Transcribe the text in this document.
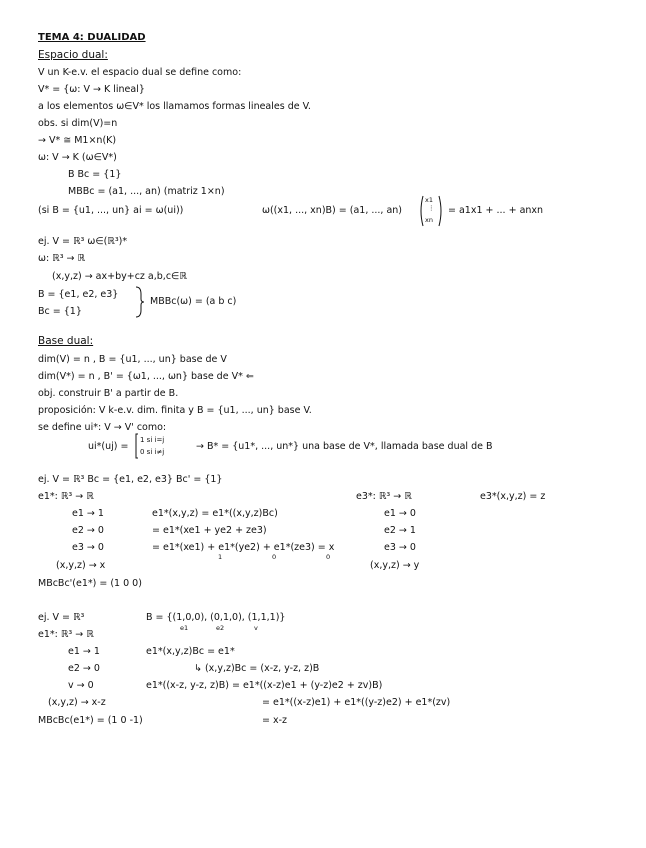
TEMA 4: DUALIDAD
Espacio dual:
V un K-e.v. el espacio dual se define como:
V* = {ω: V → K lineal}
a los elementos ω∈V* los llamamos formas lineales de V.
obs. si dim(V)=n
→ V* ≅ M1×n(K)
ω: V → K (ω∈V*)
B Bc = {1}
MBBc = (a1, ..., an) (matriz 1×n)
(si B = {u1, ..., un} ai = ω(ui))	ω((x1, ..., xn)B) = (a1, ..., an)
x1
⋮
xn
= a1x1 + ... + anxn
ej. V = ℝ³ ω∈(ℝ³)*
ω: ℝ³ → ℝ
(x,y,z) → ax+by+cz a,b,c∈ℝ
B = {e1, e2, e3}
Bc = {1}
MBBc(ω) = (a b c)
Base dual:
dim(V) = n , B = {u1, ..., un} base de V
dim(V*) = n , B' = {ω1, ..., ωn} base de V* ⇐
obj. construir B' a partir de B.
proposición: V k-e.v. dim. finita y B = {u1, ..., un} base V.
se define ui*: V → V' como:
ui*(uj) =
1 si i=j
0 si i≠j	→ B* = {u1*, ..., un*} una base de V*, llamada base dual de B
ej. V = ℝ³ Bc = {e1, e2, e3} Bc' = {1}
e1*: ℝ³ → ℝ	e3*: ℝ³ → ℝ	e3*(x,y,z) = z
e1 → 1	e1*(x,y,z) = e1*((x,y,z)Bc)	e1 → 0
e2 → 0	= e1*(xe1 + ye2 + ze3)	e2 → 1
e3 → 0	= e1*(xe1) + e1*(ye2) + e1*(ze3) = x	e3 → 0
1	0	0
(x,y,z) → x	(x,y,z) → y
MBcBc'(e1*) = (1 0 0)
ej. V = ℝ³	B = {(1,0,0), (0,1,0), (1,1,1)}
e1	e2	v
e1*: ℝ³ → ℝ
e1 → 1	e1*(x,y,z)Bc = e1*
e2 → 0	↳ (x,y,z)Bc = (x-z, y-z, z)B
v → 0	e1*((x-z, y-z, z)B) = e1*((x-z)e1 + (y-z)e2 + zv)B)
(x,y,z) → x-z	= e1*((x-z)e1) + e1*((y-z)e2) + e1*(zv)
MBcBc(e1*) = (1 0 -1)	= x-z
